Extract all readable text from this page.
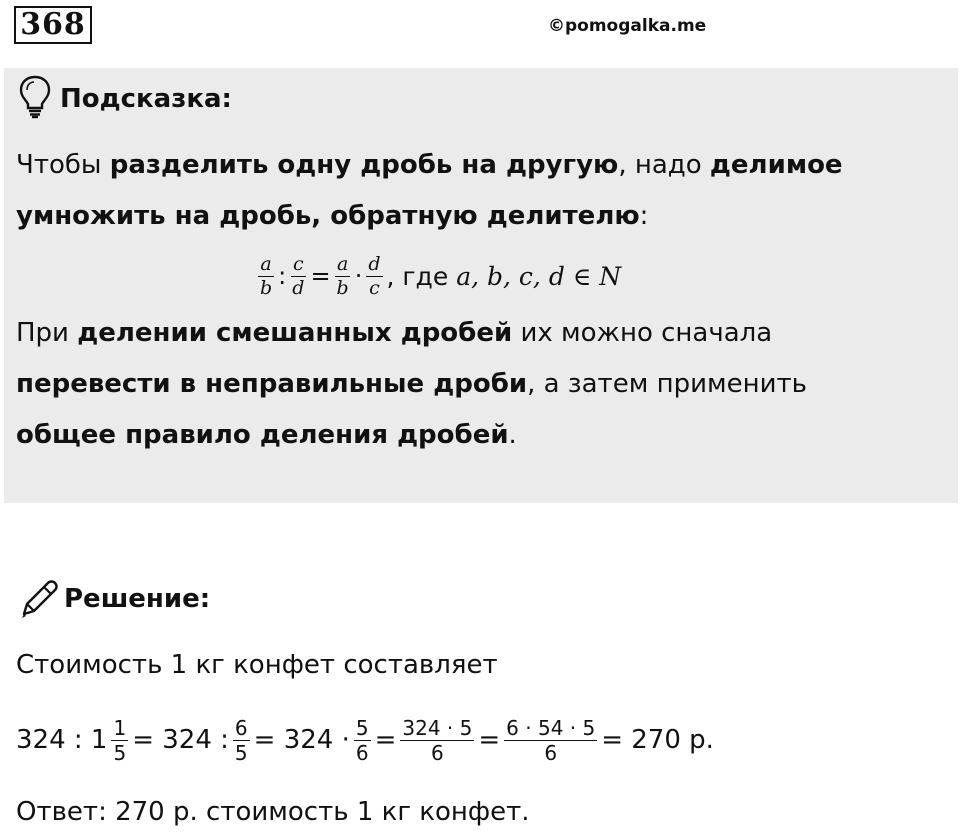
368	©pomogalka.me
Подсказка:
Чтобы разделить одну дробь на другую, надо делимое
умножить на дробь, обратную делителю:
$\frac{a}{b}$ : $\frac{c}{d} = \frac{a}{b} \cdot \frac{d}{c}$ , где a, b, c, d ∈ N
При делении смешанных дробей их можно сначала
перевести в неправильные дроби, а затем применить
общее правило деления дробей.
Решение:
Стоимость 1 кг конфет составляет
324 : $1 \frac{1}{5} = 324$ : $\frac{6}{5} = 324 \cdot \frac{5}{6} = \frac{324 \cdot 5}{6} = \frac{6 \cdot 54 \cdot 5}{6} = 270$ р.
Ответ: 270 р. стоимость 1 кг конфет.
